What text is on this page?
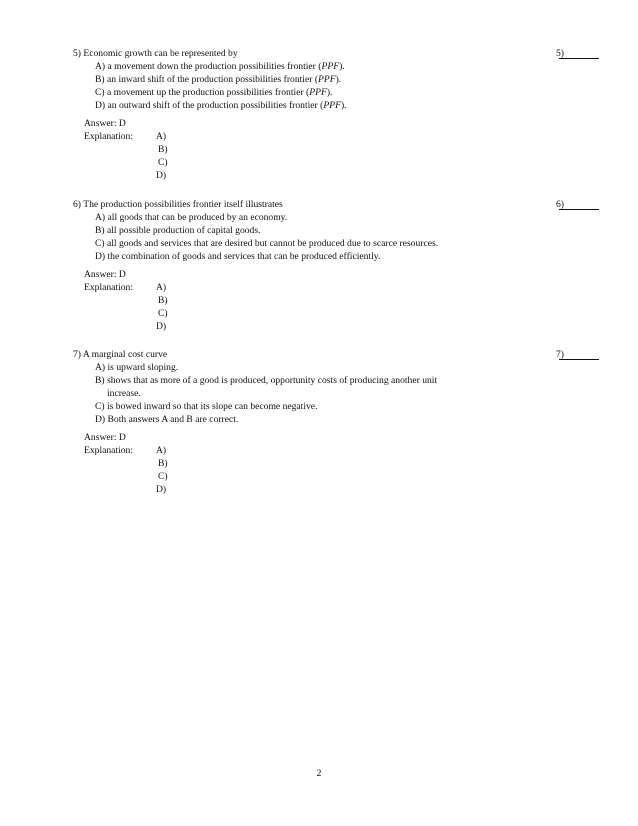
5) Economic growth can be represented by	5)
A) a movement down the production possibilities frontier (PPF).
B) an inward shift of the production possibilities frontier (PPF).
C) a movement up the production possibilities frontier (PPF).
D) an outward shift of the production possibilities frontier (PPF).
Answer: D
Explanation:	A)
B)
C)
D)
6) The production possibilities frontier itself illustrates	6)
A) all goods that can be produced by an economy.
B) all possible production of capital goods.
C) all goods and services that are desired but cannot be produced due to scarce resources.
D) the combination of goods and services that can be produced efficiently.
Answer: D
Explanation:	A)
B)
C)
D)
7) A marginal cost curve	7)
A) is upward sloping.
B) shows that as more of a good is produced, opportunity costs of producing another unit
increase.
C) is bowed inward so that its slope can become negative.
D) Both answers A and B are correct.
Answer: D
Explanation:	A)
B)
C)
D)
2
